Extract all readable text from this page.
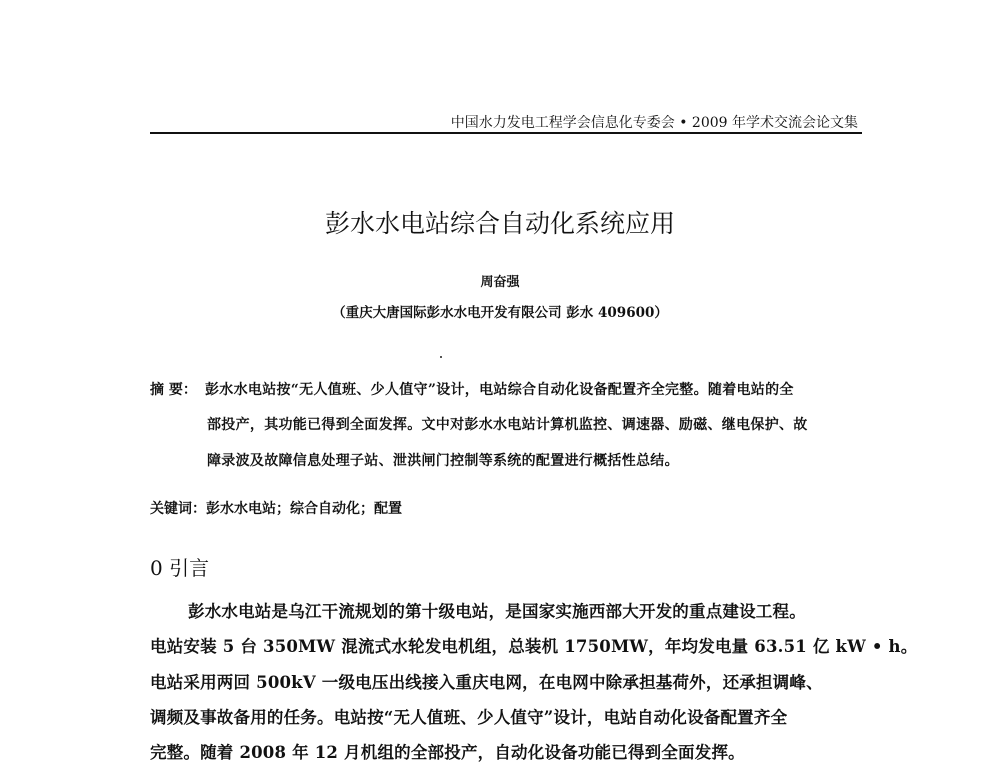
中国水力发电工程学会信息化专委会 • 2009 年学术交流会论文集
彭水水电站综合自动化系统应用
周奋强
（重庆大唐国际彭水水电开发有限公司 彭水 409600）
摘 要： 彭水水电站按“无人值班、少人值守”设计，电站综合自动化设备配置齐全完整。随着电站的全
部投产，其功能已得到全面发挥。文中对彭水水电站计算机监控、调速器、励磁、继电保护、故
障录波及故障信息处理子站、泄洪闸门控制等系统的配置进行概括性总结。
关键词：彭水水电站；综合自动化；配置
0 引言
彭水水电站是乌江干流规划的第十级电站，是国家实施西部大开发的重点建设工程。
电站安装 5 台 350MW 混流式水轮发电机组，总装机 1750MW，年均发电量 63.51 亿 kW • h。
电站采用两回 500kV 一级电压出线接入重庆电网，在电网中除承担基荷外，还承担调峰、
调频及事故备用的任务。电站按“无人值班、少人值守”设计，电站自动化设备配置齐全
完整。随着 2008 年 12 月机组的全部投产，自动化设备功能已得到全面发挥。
